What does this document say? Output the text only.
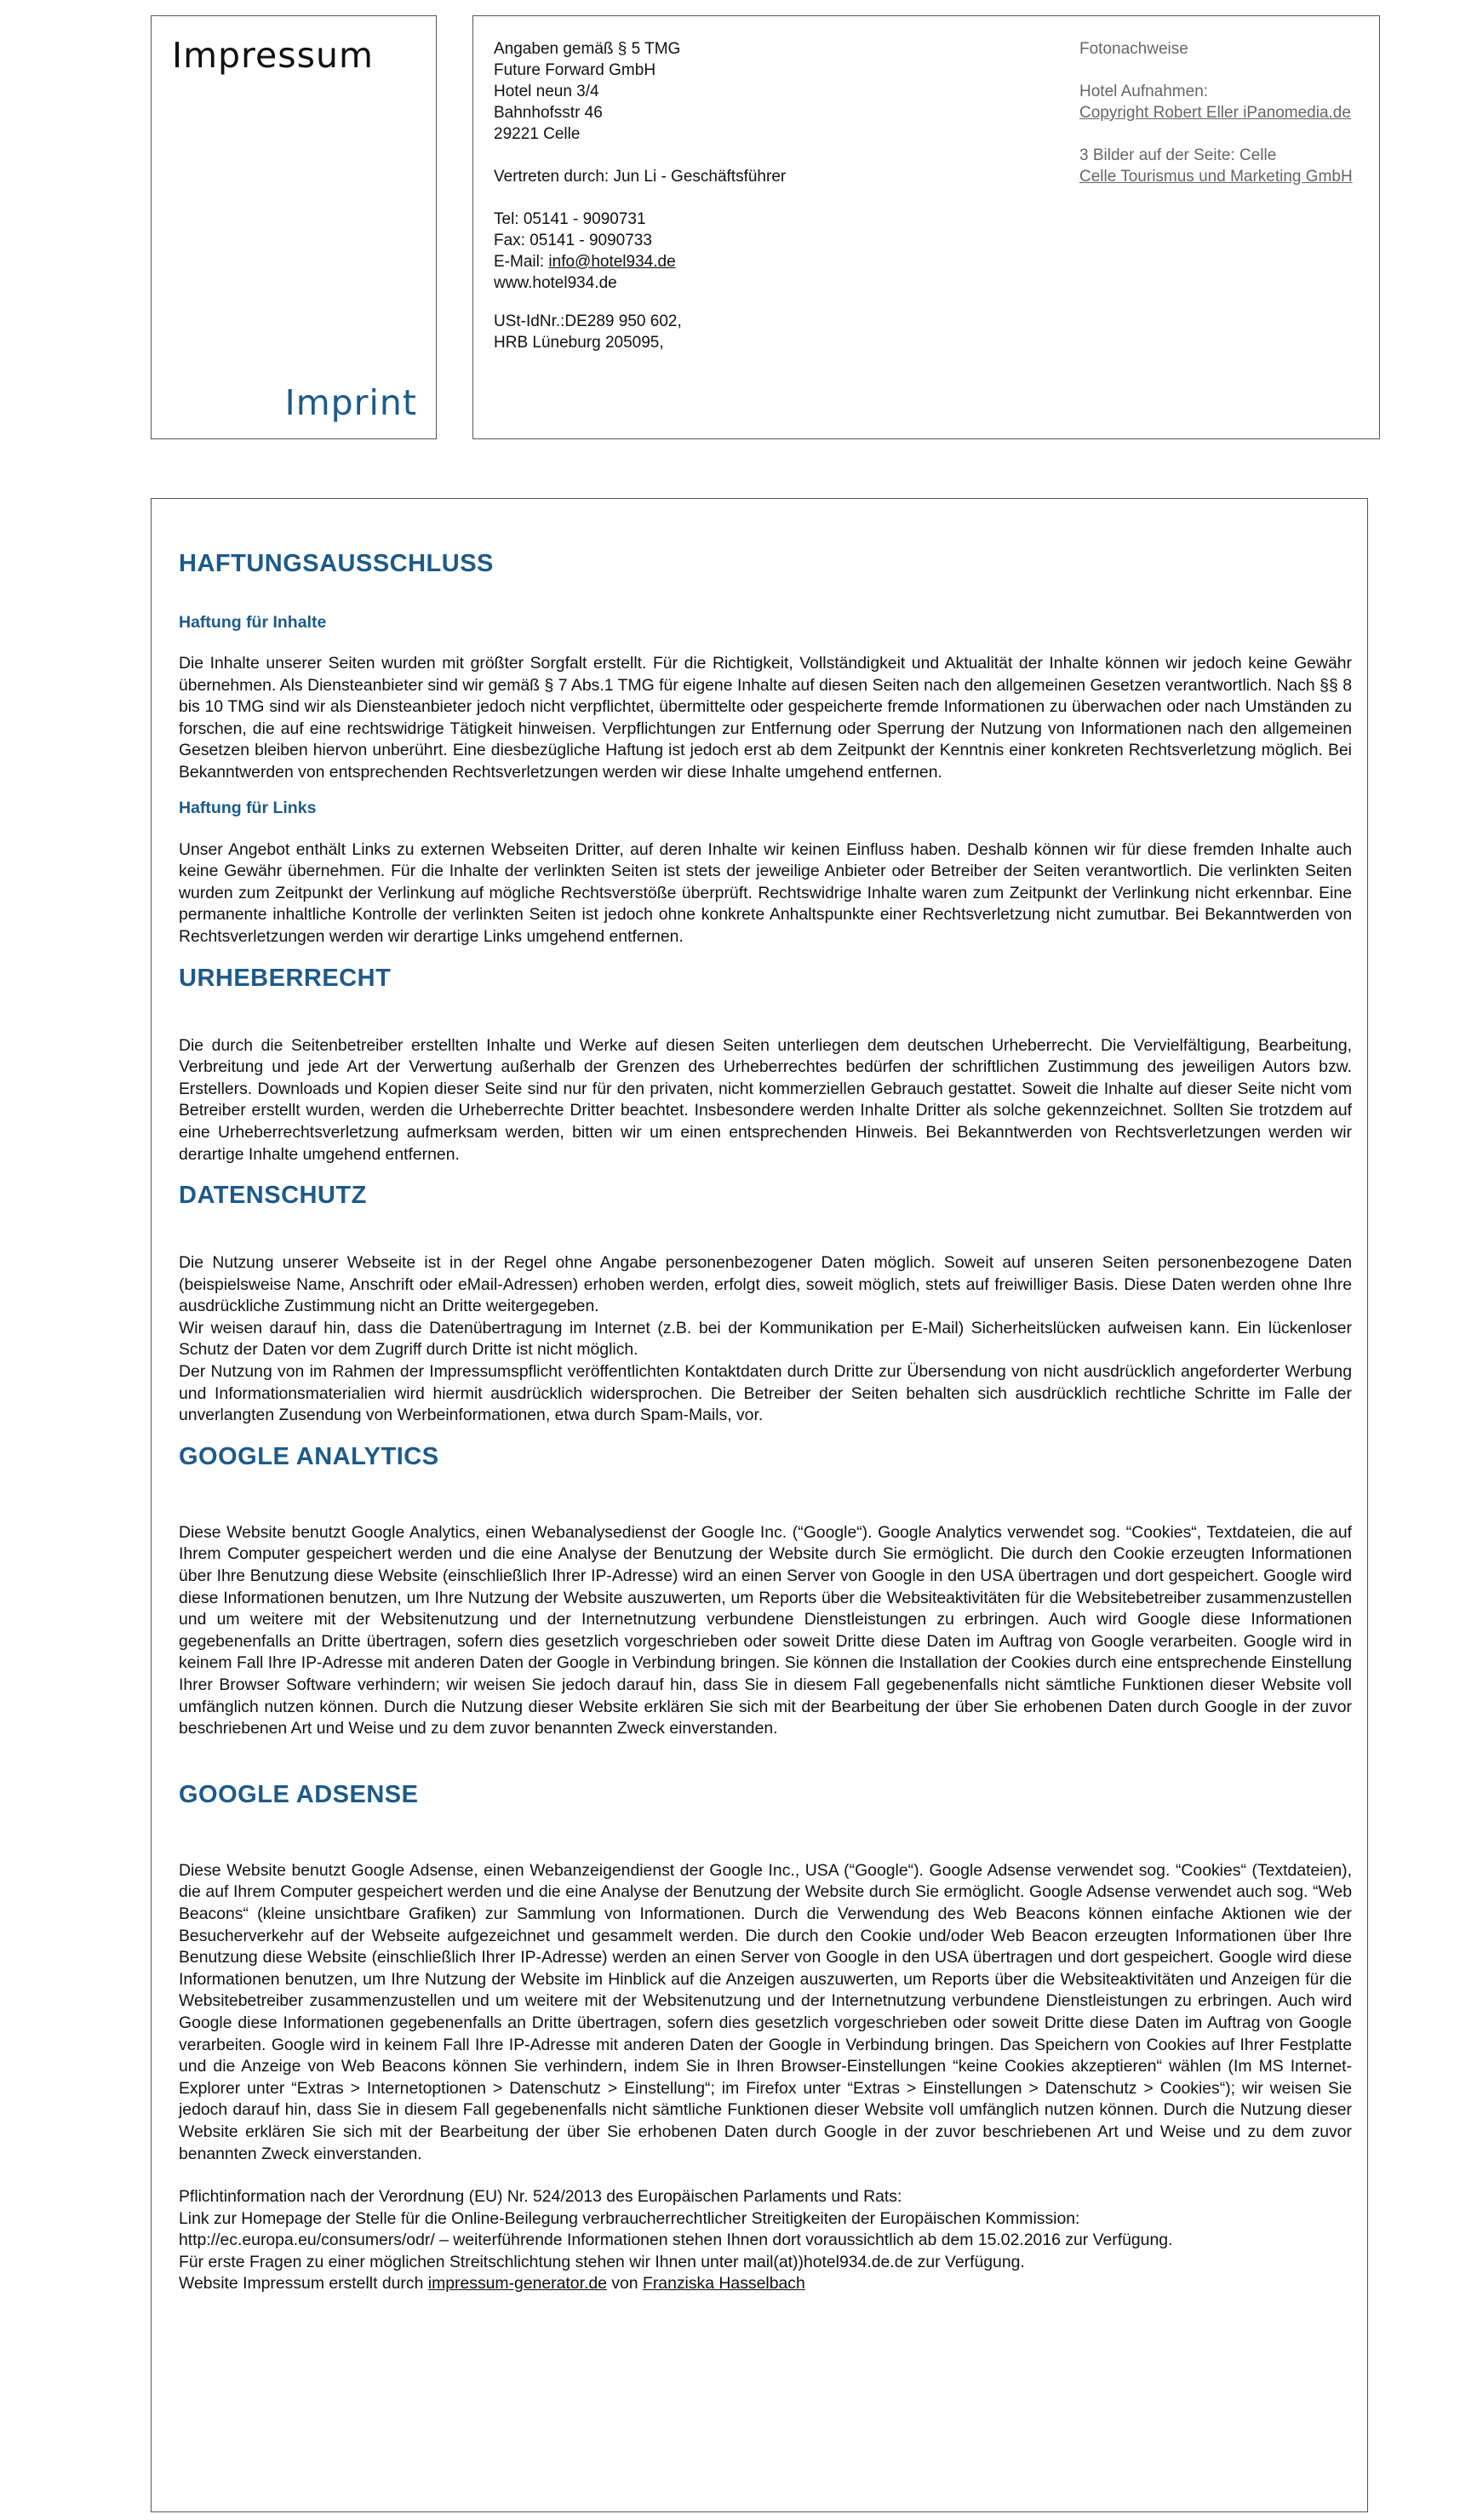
Impressum
Imprint
Angaben gemäß § 5 TMG
Future Forward GmbH
Hotel neun 3/4
Bahnhofsstr 46
29221 Celle
Vertreten durch: Jun Li - Geschäftsführer
Tel: 05141 - 9090731
Fax: 05141 - 9090733
E-Mail: info@hotel934.de
www.hotel934.de
USt-IdNr.:DE289 950 602,
HRB Lüneburg 205095,
Fotonachweise
Hotel Aufnahmen:
Copyright Robert Eller iPanomedia.de
3 Bilder auf der Seite: Celle
Celle Tourismus und Marketing GmbH
HAFTUNGSAUSSCHLUSS
Haftung für Inhalte

Die Inhalte unserer Seiten wurden mit größter Sorgfalt erstellt. Für die Richtigkeit, Vollständigkeit und Aktualität der Inhalte können wir jedoch keine Gewähr übernehmen. Als Diensteanbieter sind wir gemäß § 7 Abs.1 TMG für eigene Inhalte auf diesen Seiten nach den allgemeinen Gesetzen verantwortlich. Nach §§ 8 bis 10 TMG sind wir als Diensteanbieter jedoch nicht verpflichtet, übermittelte oder gespeicherte fremde Informationen zu überwachen oder nach Umständen zu forschen, die auf eine rechtswidrige Tätigkeit hinweisen. Verpflichtungen zur Entfernung oder Sperrung der Nutzung von Informationen nach den allgemeinen Gesetzen bleiben hiervon unberührt. Eine diesbezügliche Haftung ist jedoch erst ab dem Zeitpunkt der Kenntnis einer konkreten Rechtsverletzung möglich. Bei Bekanntwerden von entsprechenden Rechtsverletzungen werden wir diese Inhalte umgehend entfernen.

Haftung für Links

Unser Angebot enthält Links zu externen Webseiten Dritter, auf deren Inhalte wir keinen Einfluss haben. Deshalb können wir für diese fremden Inhalte auch keine Gewähr übernehmen. Für die Inhalte der verlinkten Seiten ist stets der jeweilige Anbieter oder Betreiber der Seiten verantwortlich. Die verlinkten Seiten wurden zum Zeitpunkt der Verlinkung auf mögliche Rechtsverstöße überprüft. Rechtswidrige Inhalte waren zum Zeitpunkt der Verlinkung nicht erkennbar. Eine permanente inhaltliche Kontrolle der verlinkten Seiten ist jedoch ohne konkrete Anhaltspunkte einer Rechtsverletzung nicht zumutbar. Bei Bekanntwerden von Rechtsverletzungen werden wir derartige Links umgehend entfernen.

URHEBERRECHT

Die durch die Seitenbetreiber erstellten Inhalte und Werke auf diesen Seiten unterliegen dem deutschen Urheberrecht. Die Vervielfältigung, Bearbeitung, Verbreitung und jede Art der Verwertung außerhalb der Grenzen des Urheberrechtes bedürfen der schriftlichen Zustimmung des jeweiligen Autors bzw. Erstellers. Downloads und Kopien dieser Seite sind nur für den privaten, nicht kommerziellen Gebrauch gestattet. Soweit die Inhalte auf dieser Seite nicht vom Betreiber erstellt wurden, werden die Urheberrechte Dritter beachtet. Insbesondere werden Inhalte Dritter als solche gekennzeichnet. Sollten Sie trotzdem auf eine Urheberrechtsverletzung aufmerksam werden, bitten wir um einen entsprechenden Hinweis. Bei Bekanntwerden von Rechtsverletzungen werden wir derartige Inhalte umgehend entfernen.

DATENSCHUTZ

Die Nutzung unserer Webseite ist in der Regel ohne Angabe personenbezogener Daten möglich. Soweit auf unseren Seiten personenbezogene Daten (beispielsweise Name, Anschrift oder eMail-Adressen) erhoben werden, erfolgt dies, soweit möglich, stets auf freiwilliger Basis. Diese Daten werden ohne Ihre ausdrückliche Zustimmung nicht an Dritte weitergegeben.

Wir weisen darauf hin, dass die Datenübertragung im Internet (z.B. bei der Kommunikation per E-Mail) Sicherheitslücken aufweisen kann. Ein lückenloser Schutz der Daten vor dem Zugriff durch Dritte ist nicht möglich.

Der Nutzung von im Rahmen der Impressumspflicht veröffentlichten Kontaktdaten durch Dritte zur Übersendung von nicht ausdrücklich angeforderter Werbung und Informationsmaterialien wird hiermit ausdrücklich widersprochen. Die Betreiber der Seiten behalten sich ausdrücklich rechtliche Schritte im Falle der unverlangten Zusendung von Werbeinformationen, etwa durch Spam-Mails, vor.

GOOGLE ANALYTICS

Diese Website benutzt Google Analytics, einen Webanalysedienst der Google Inc. (“Google“). Google Analytics verwendet sog. “Cookies“, Textdateien, die auf Ihrem Computer gespeichert werden und die eine Analyse der Benutzung der Website durch Sie ermöglicht. Die durch den Cookie erzeugten Informationen über Ihre Benutzung diese Website (einschließlich Ihrer IP-Adresse) wird an einen Server von Google in den USA übertragen und dort gespeichert. Google wird diese Informationen benutzen, um Ihre Nutzung der Website auszuwerten, um Reports über die Websiteaktivitäten für die Websitebetreiber zusammenzustellen und um weitere mit der Websitenutzung und der Internetnutzung verbundene Dienstleistungen zu erbringen. Auch wird Google diese Informationen gegebenenfalls an Dritte übertragen, sofern dies gesetzlich vorgeschrieben oder soweit Dritte diese Daten im Auftrag von Google verarbeiten. Google wird in keinem Fall Ihre IP-Adresse mit anderen Daten der Google in Verbindung bringen. Sie können die Installation der Cookies durch eine entsprechende Einstellung Ihrer Browser Software verhindern; wir weisen Sie jedoch darauf hin, dass Sie in diesem Fall gegebenenfalls nicht sämtliche Funktionen dieser Website voll umfänglich nutzen können. Durch die Nutzung dieser Website erklären Sie sich mit der Bearbeitung der über Sie erhobenen Daten durch Google in der zuvor beschriebenen Art und Weise und zu dem zuvor benannten Zweck einverstanden.

GOOGLE ADSENSE

Diese Website benutzt Google Adsense, einen Webanzeigendienst der Google Inc., USA (“Google“). Google Adsense verwendet sog. “Cookies“ (Textdateien), die auf Ihrem Computer gespeichert werden und die eine Analyse der Benutzung der Website durch Sie ermöglicht. Google Adsense verwendet auch sog. “Web Beacons“ (kleine unsichtbare Grafiken) zur Sammlung von Informationen. Durch die Verwendung des Web Beacons können einfache Aktionen wie der Besucherverkehr auf der Webseite aufgezeichnet und gesammelt werden. Die durch den Cookie und/oder Web Beacon erzeugten Informationen über Ihre Benutzung diese Website (einschließlich Ihrer IP-Adresse) werden an einen Server von Google in den USA übertragen und dort gespeichert. Google wird diese Informationen benutzen, um Ihre Nutzung der Website im Hinblick auf die Anzeigen auszuwerten, um Reports über die Websiteaktivitäten und Anzeigen für die Websitebetreiber zusammenzustellen und um weitere mit der Websitenutzung und der Internetnutzung verbundene Dienstleistungen zu erbringen. Auch wird Google diese Informationen gegebenenfalls an Dritte übertragen, sofern dies gesetzlich vorgeschrieben oder soweit Dritte diese Daten im Auftrag von Google verarbeiten. Google wird in keinem Fall Ihre IP-Adresse mit anderen Daten der Google in Verbindung bringen. Das Speichern von Cookies auf Ihrer Festplatte und die Anzeige von Web Beacons können Sie verhindern, indem Sie in Ihren Browser-Einstellungen “keine Cookies akzeptieren“ wählen (Im MS Internet-Explorer unter “Extras > Internetoptionen > Datenschutz > Einstellung“; im Firefox unter “Extras > Einstellungen > Datenschutz > Cookies“); wir weisen Sie jedoch darauf hin, dass Sie in diesem Fall gegebenenfalls nicht sämtliche Funktionen dieser Website voll umfänglich nutzen können. Durch die Nutzung dieser Website erklären Sie sich mit der Bearbeitung der über Sie erhobenen Daten durch Google in der zuvor beschriebenen Art und Weise und zu dem zuvor benannten Zweck einverstanden.

Pflichtinformation nach der Verordnung (EU) Nr. 524/2013 des Europäischen Parlaments und Rats:
Link zur Homepage der Stelle für die Online-Beilegung verbraucherrechtlicher Streitigkeiten der Europäischen Kommission:
http://ec.europa.eu/consumers/odr/ – weiterführende Informationen stehen Ihnen dort voraussichtlich ab dem 15.02.2016 zur Verfügung.
Für erste Fragen zu einer möglichen Streitschlichtung stehen wir Ihnen unter mail(at))hotel934.de.de zur Verfügung.
Website Impressum erstellt durch impressum-generator.de von Franziska Hasselbach
